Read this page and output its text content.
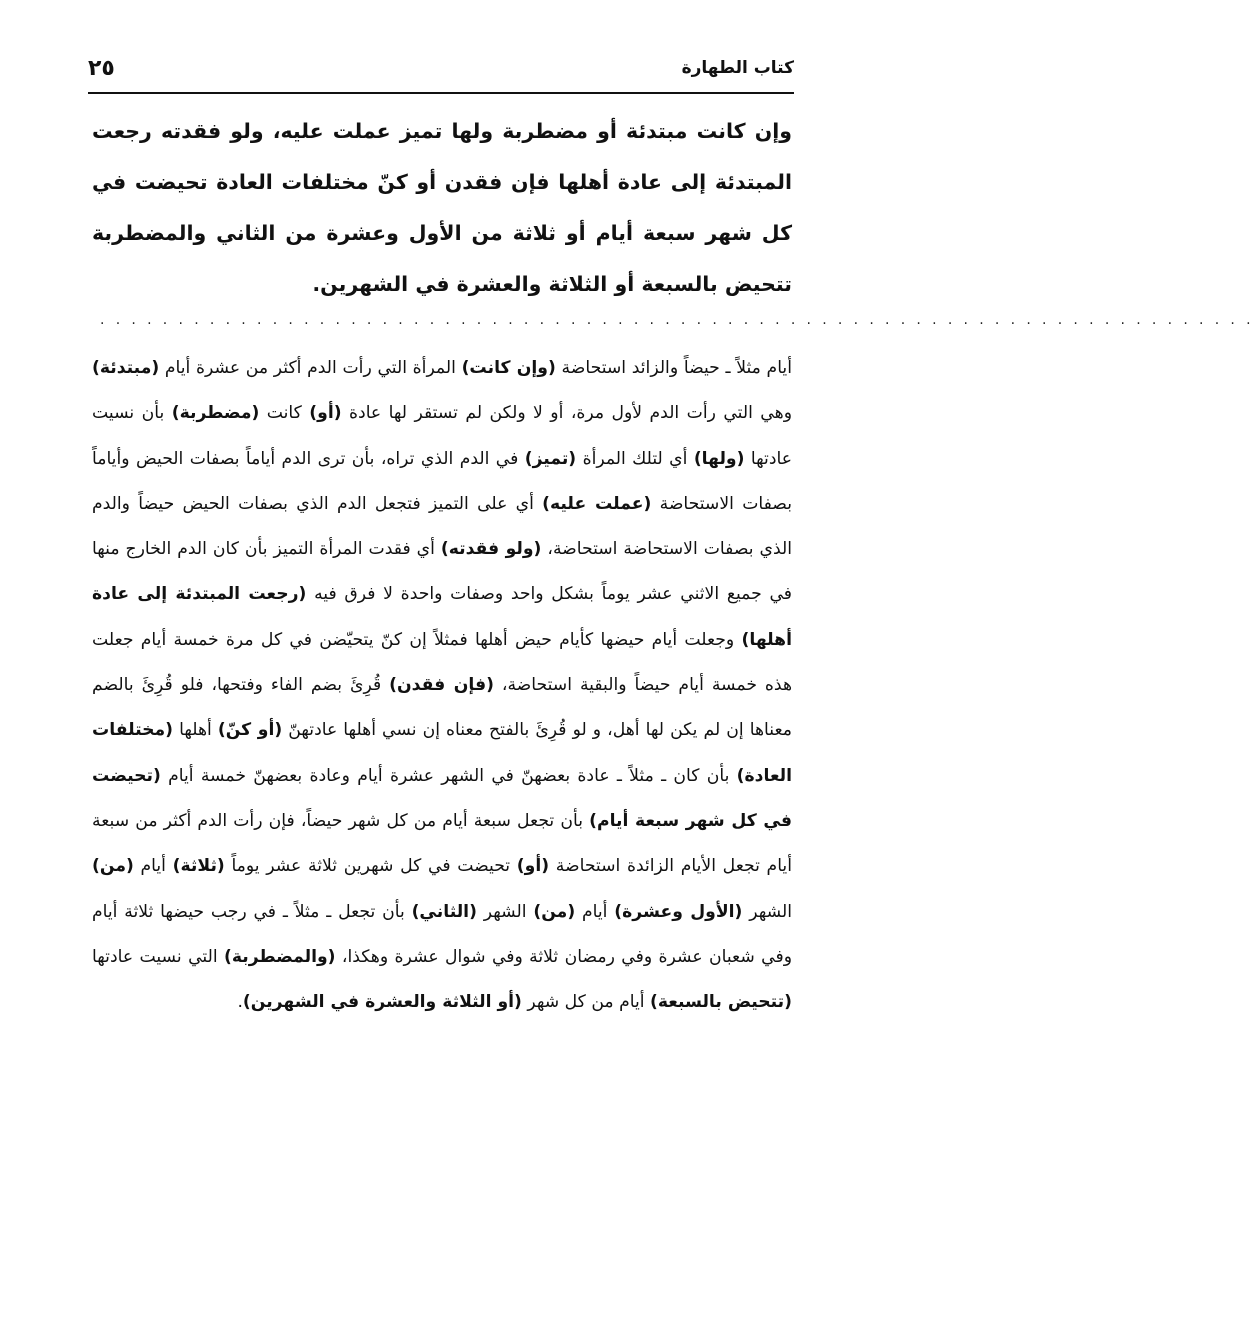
كتاب الطهارة
٢٥

وإن كانت مبتدئة أو مضطربة ولها تميز عملت عليه، ولو فقدته رجعت المبتدئة إلى عادة أهلها فإن فقدن أو كنّ مختلفات العادة تحيضت في كل شهر سبعة أيام أو ثلاثة من الأول وعشرة من الثاني والمضطربة تتحيض بالسبعة أو الثلاثة والعشرة في الشهرين.

. . . . . . . . . . . . . . . . . . . . . . . . . . . . . . . . . . . . . . . . . . . . . . . . . . . . . . . . . . . . . . . . . . . . . . . . . .

أيام مثلاً ـ حيضاً والزائد استحاضة (وإن كانت) المرأة التي رأت الدم أكثر من عشرة أيام (مبتدئة) وهي التي رأت الدم لأول مرة، أو لا ولكن لم تستقر لها عادة (أو) كانت (مضطربة) بأن نسيت عادتها (ولها) أي لتلك المرأة (تميز) في الدم الذي تراه، بأن ترى الدم أياماً بصفات الحيض وأياماً بصفات الاستحاضة (عملت عليه) أي على التميز فتجعل الدم الذي بصفات الحيض حيضاً والدم الذي بصفات الاستحاضة استحاضة، (ولو فقدته) أي فقدت المرأة التميز بأن كان الدم الخارج منها في جميع الاثني عشر يوماً بشكل واحد وصفات واحدة لا فرق فيه (رجعت المبتدئة إلى عادة أهلها) وجعلت أيام حيضها كأيام حيض أهلها فمثلاً إن كنّ يتحيّضن في كل مرة خمسة أيام جعلت هذه خمسة أيام حيضاً والبقية استحاضة، (فإن فقدن) قُرِئَ بضم الفاء وفتحها، فلو قُرِئَ بالضم معناها إن لم يكن لها أهل، و لو قُرِئَ بالفتح معناه إن نسي أهلها عادتهنّ (أو كنّ) أهلها (مختلفات العادة) بأن كان ـ مثلاً ـ عادة بعضهنّ في الشهر عشرة أيام وعادة بعضهنّ خمسة أيام (تحيضت في كل شهر سبعة أيام) بأن تجعل سبعة أيام من كل شهر حيضاً، فإن رأت الدم أكثر من سبعة أيام تجعل الأيام الزائدة استحاضة (أو) تحيضت في كل شهرين ثلاثة عشر يوماً (ثلاثة) أيام (من) الشهر (الأول وعشرة) أيام (من) الشهر (الثاني) بأن تجعل ـ مثلاً ـ في رجب حيضها ثلاثة أيام وفي شعبان عشرة وفي رمضان ثلاثة وفي شوال عشرة وهكذا، (والمضطربة) التي نسيت عادتها (تتحيض بالسبعة) أيام من كل شهر (أو الثلاثة والعشرة في الشهرين).
